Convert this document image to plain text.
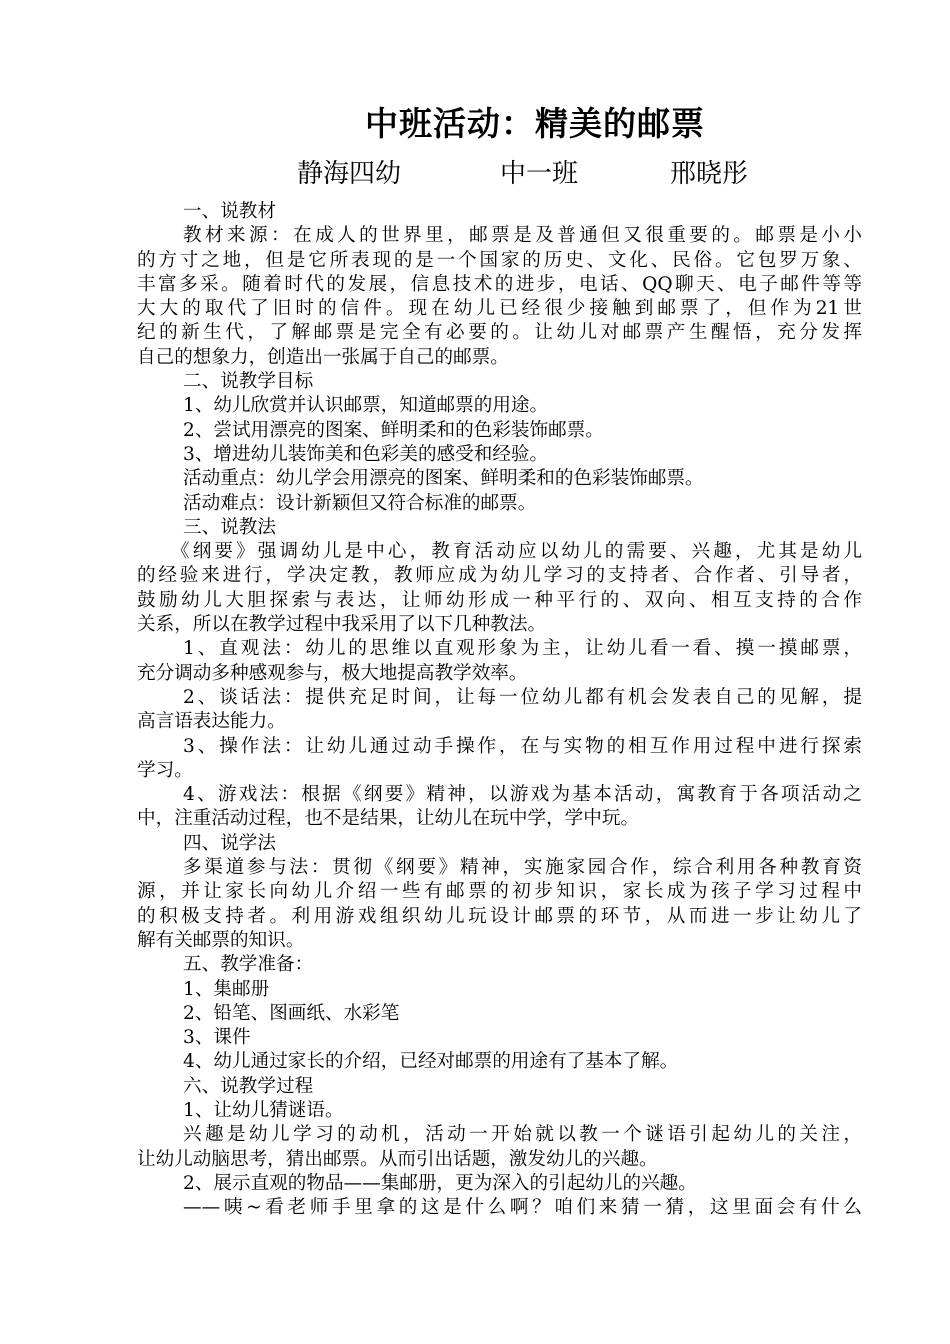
中班活动：精美的邮票
静海四幼	中一班	邢晓彤
一、说教材
教材来源：在成人的世界里，邮票是及普通但又很重要的。邮票是小小
的方寸之地，但是它所表现的是一个国家的历史、文化、民俗。它包罗万象、
丰富多采。随着时代的发展，信息技术的进步，电话、QQ聊天、电子邮件等等
大大的取代了旧时的信件。现在幼儿已经很少接触到邮票了，但作为21世
纪的新生代，了解邮票是完全有必要的。让幼儿对邮票产生醒悟，充分发挥
自己的想象力，创造出一张属于自己的邮票。
二、说教学目标
1、幼儿欣赏并认识邮票，知道邮票的用途。
2、尝试用漂亮的图案、鲜明柔和的色彩装饰邮票。
3、增进幼儿装饰美和色彩美的感受和经验。
活动重点：幼儿学会用漂亮的图案、鲜明柔和的色彩装饰邮票。
活动难点：设计新颖但又符合标准的邮票。
三、说教法
《纲要》强调幼儿是中心，教育活动应以幼儿的需要、兴趣，尤其是幼儿
的经验来进行，学决定教，教师应成为幼儿学习的支持者、合作者、引导者，
鼓励幼儿大胆探索与表达，让师幼形成一种平行的、双向、相互支持的合作
关系，所以在教学过程中我采用了以下几种教法。
1、直观法：幼儿的思维以直观形象为主，让幼儿看一看、摸一摸邮票，
充分调动多种感观参与，极大地提高教学效率。
2、谈话法：提供充足时间，让每一位幼儿都有机会发表自己的见解，提
高言语表达能力。
3、操作法：让幼儿通过动手操作，在与实物的相互作用过程中进行探索
学习。
4、游戏法：根据《纲要》精神，以游戏为基本活动，寓教育于各项活动之
中，注重活动过程，也不是结果，让幼儿在玩中学，学中玩。
四、说学法
多渠道参与法：贯彻《纲要》精神，实施家园合作，综合利用各种教育资
源，并让家长向幼儿介绍一些有邮票的初步知识，家长成为孩子学习过程中
的积极支持者。利用游戏组织幼儿玩设计邮票的环节，从而进一步让幼儿了
解有关邮票的知识。
五、教学准备：
1、集邮册
2、铅笔、图画纸、水彩笔
3、课件
4、幼儿通过家长的介绍，已经对邮票的用途有了基本了解。
六、说教学过程
1、让幼儿猜谜语。
兴趣是幼儿学习的动机，活动一开始就以教一个谜语引起幼儿的关注，
让幼儿动脑思考，猜出邮票。从而引出话题，激发幼儿的兴趣。
2、展示直观的物品——集邮册，更为深入的引起幼儿的兴趣。
——咦~看老师手里拿的这是什么啊？咱们来猜一猜，这里面会有什么
